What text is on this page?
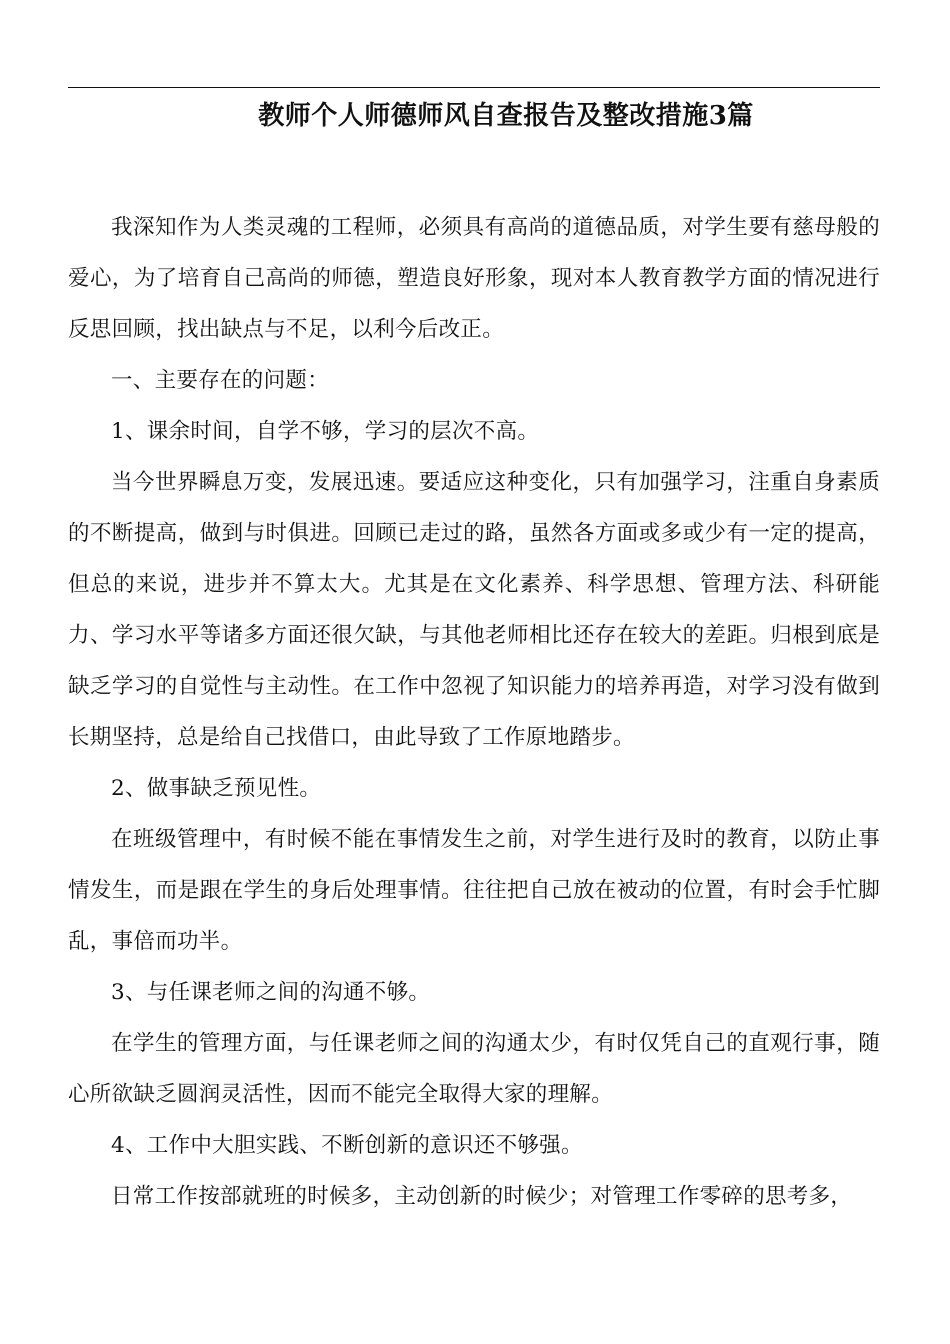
教师个人师德师风自查报告及整改措施3篇

我深知作为人类灵魂的工程师，必须具有高尚的道德品质，对学生要有慈母般的爱心，为了培育自己高尚的师德，塑造良好形象，现对本人教育教学方面的情况进行反思回顾，找出缺点与不足，以利今后改正。

一、主要存在的问题：

1、课余时间，自学不够，学习的层次不高。

当今世界瞬息万变，发展迅速。要适应这种变化，只有加强学习，注重自身素质的不断提高，做到与时俱进。回顾已走过的路，虽然各方面或多或少有一定的提高，但总的来说，进步并不算太大。尤其是在文化素养、科学思想、管理方法、科研能力、学习水平等诸多方面还很欠缺，与其他老师相比还存在较大的差距。归根到底是缺乏学习的自觉性与主动性。在工作中忽视了知识能力的培养再造，对学习没有做到长期坚持，总是给自己找借口，由此导致了工作原地踏步。

2、做事缺乏预见性。

在班级管理中，有时候不能在事情发生之前，对学生进行及时的教育，以防止事情发生，而是跟在学生的身后处理事情。往往把自己放在被动的位置，有时会手忙脚乱，事倍而功半。

3、与任课老师之间的沟通不够。

在学生的管理方面，与任课老师之间的沟通太少，有时仅凭自己的直观行事，随心所欲缺乏圆润灵活性，因而不能完全取得大家的理解。

4、工作中大胆实践、不断创新的意识还不够强。

日常工作按部就班的时候多，主动创新的时候少；对管理工作零碎的思考多，
